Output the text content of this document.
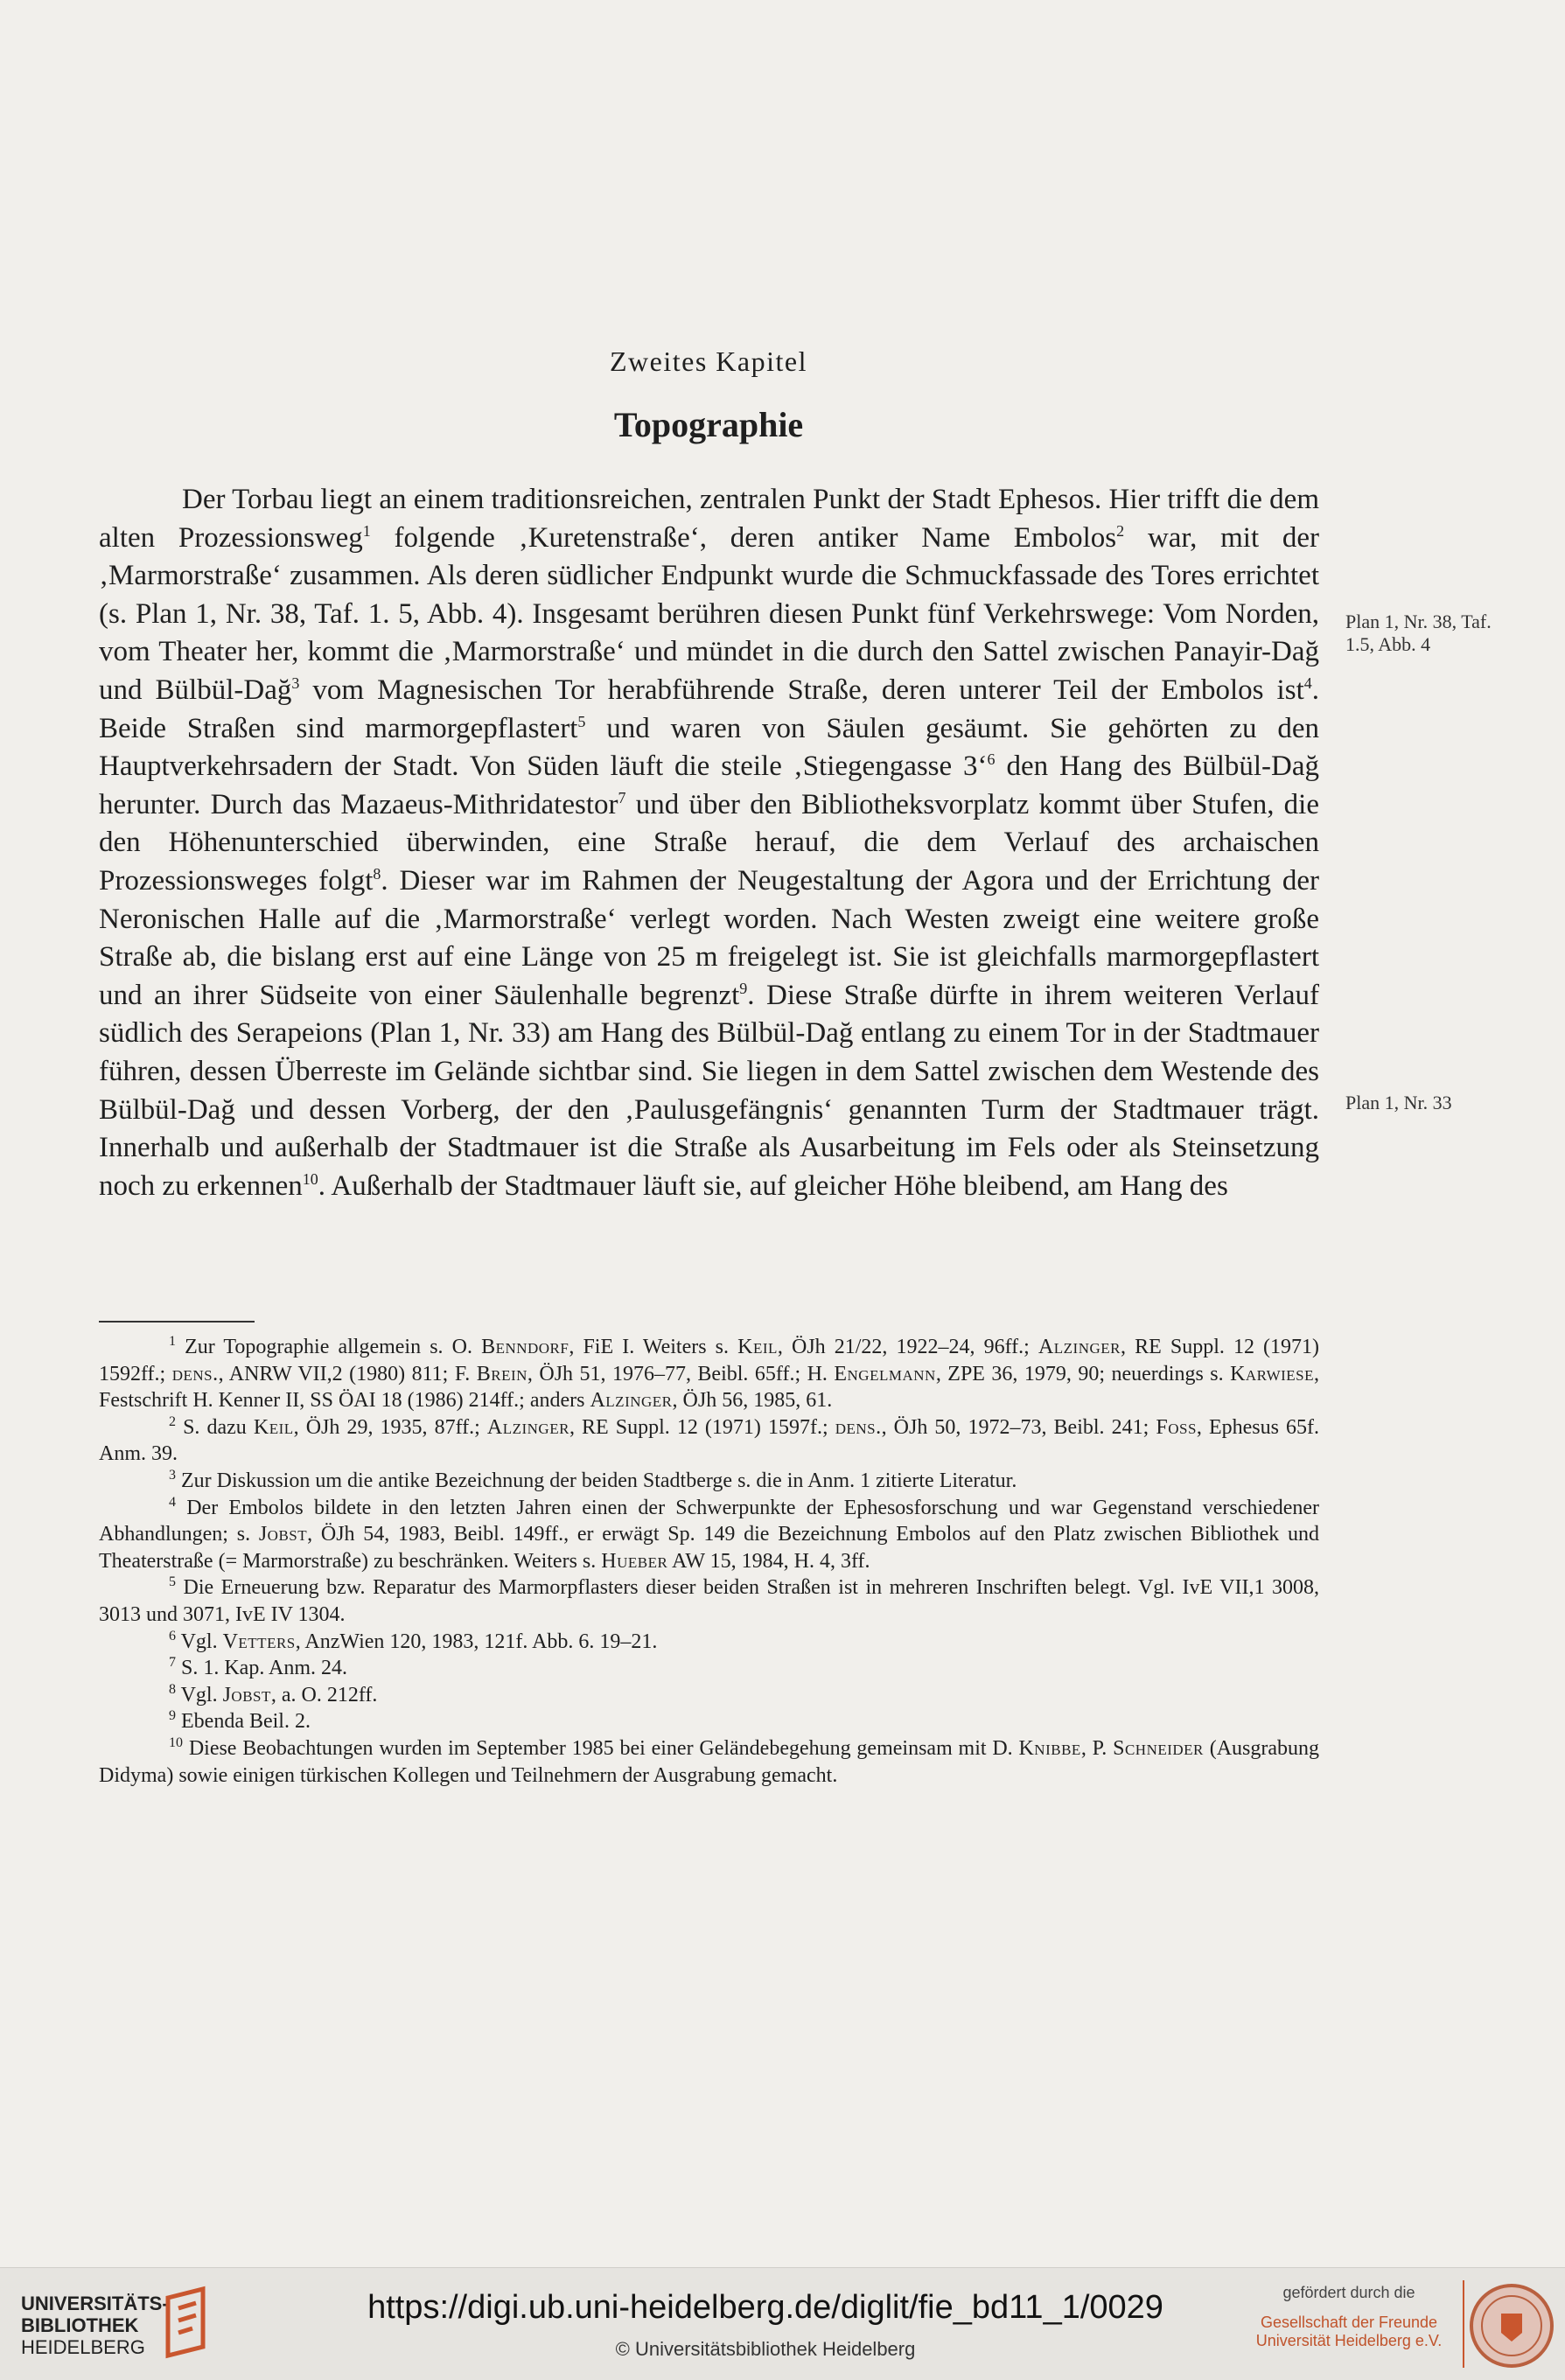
Zweites Kapitel
Topographie

Der Torbau liegt an einem traditionsreichen, zentralen Punkt der Stadt Ephesos. Hier trifft die dem alten Prozessionsweg$^1$ folgende ‚Kuretenstraße‘, deren antiker Name Embolos$^2$ war, mit der ‚Marmorstraße‘ zusammen. Als deren südlicher Endpunkt wurde die Schmuckfassade des Tores errichtet (s. Plan 1, Nr. 38, Taf. 1. 5, Abb. 4). Insgesamt berühren diesen Punkt fünf Verkehrswege: Vom Norden, vom Theater her, kommt die ‚Marmorstraße‘ und mündet in die durch den Sattel zwischen Panayir-Dağ und Bülbül-Dağ$^3$ vom Magnesischen Tor herabführende Straße, deren unterer Teil der Embolos ist$^4$. Beide Straßen sind marmorgepflastert$^5$ und waren von Säulen gesäumt. Sie gehörten zu den Hauptverkehrsadern der Stadt. Von Süden läuft die steile ‚Stiegengasse 3‘$^6$ den Hang des Bülbül-Dağ herunter. Durch das Mazaeus-Mithridatestor$^7$ und über den Bibliotheksvorplatz kommt über Stufen, die den Höhenunterschied überwinden, eine Straße herauf, die dem Verlauf des archaischen Prozessionsweges folgt$^8$. Dieser war im Rahmen der Neugestaltung der Agora und der Errichtung der Neronischen Halle auf die ‚Marmorstraße‘ verlegt worden. Nach Westen zweigt eine weitere große Straße ab, die bislang erst auf eine Länge von 25 m freigelegt ist. Sie ist gleichfalls marmorgepflastert und an ihrer Südseite von einer Säulenhalle begrenzt$^9$. Diese Straße dürfte in ihrem weiteren Verlauf südlich des Serapeions (Plan 1, Nr. 33) am Hang des Bülbül-Dağ entlang zu einem Tor in der Stadtmauer führen, dessen Überreste im Gelände sichtbar sind. Sie liegen in dem Sattel zwischen dem Westende des Bülbül-Dağ und dessen Vorberg, der den ‚Paulusgefängnis‘ genannten Turm der Stadtmauer trägt. Innerhalb und außerhalb der Stadtmauer ist die Straße als Ausarbeitung im Fels oder als Steinsetzung noch zu erkennen$^{10}$. Außerhalb der Stadtmauer läuft sie, auf gleicher Höhe bleibend, am Hang des

Plan 1, Nr. 38, Taf. 1.5, Abb. 4
Plan 1, Nr. 33

$^1$ Zur Topographie allgemein s. O. Benndorf, FiE I. Weiters s. Keil, ÖJh 21/22, 1922–24, 96ff.; Alzinger, RE Suppl. 12 (1971) 1592ff.; dens., ANRW VII,2 (1980) 811; F. Brein, ÖJh 51, 1976–77, Beibl. 65ff.; H. Engelmann, ZPE 36, 1979, 90; neuerdings s. Karwiese, Festschrift H. Kenner II, SS ÖAI 18 (1986) 214ff.; anders Alzinger, ÖJh 56, 1985, 61.

$^2$ S. dazu Keil, ÖJh 29, 1935, 87ff.; Alzinger, RE Suppl. 12 (1971) 1597f.; dens., ÖJh 50, 1972–73, Beibl. 241; Foss, Ephesus 65f. Anm. 39.

$^3$ Zur Diskussion um die antike Bezeichnung der beiden Stadtberge s. die in Anm. 1 zitierte Literatur.

$^4$ Der Embolos bildete in den letzten Jahren einen der Schwerpunkte der Ephesosforschung und war Gegenstand verschiedener Abhandlungen; s. Jobst, ÖJh 54, 1983, Beibl. 149ff., er erwägt Sp. 149 die Bezeichnung Embolos auf den Platz zwischen Bibliothek und Theaterstraße (= Marmorstraße) zu beschränken. Weiters s. Hueber AW 15, 1984, H. 4, 3ff.

$^5$ Die Erneuerung bzw. Reparatur des Marmorpflasters dieser beiden Straßen ist in mehreren Inschriften belegt. Vgl. IvE VII,1 3008, 3013 und 3071, IvE IV 1304.

$^6$ Vgl. Vetters, AnzWien 120, 1983, 121f. Abb. 6. 19–21.

$^7$ S. 1. Kap. Anm. 24.

$^8$ Vgl. Jobst, a. O. 212ff.

$^9$ Ebenda Beil. 2.

$^{10}$ Diese Beobachtungen wurden im September 1985 bei einer Geländebegehung gemeinsam mit D. Knibbe, P. Schneider (Ausgrabung Didyma) sowie einigen türkischen Kollegen und Teilnehmern der Ausgrabung gemacht.

UNIVERSITÄTS-
BIBLIOTHEK
HEIDELBERG
https://digi.ub.uni-heidelberg.de/diglit/fie_bd11_1/0029
© Universitätsbibliothek Heidelberg
gefördert durch die
Gesellschaft der Freunde
Universität Heidelberg e.V.
